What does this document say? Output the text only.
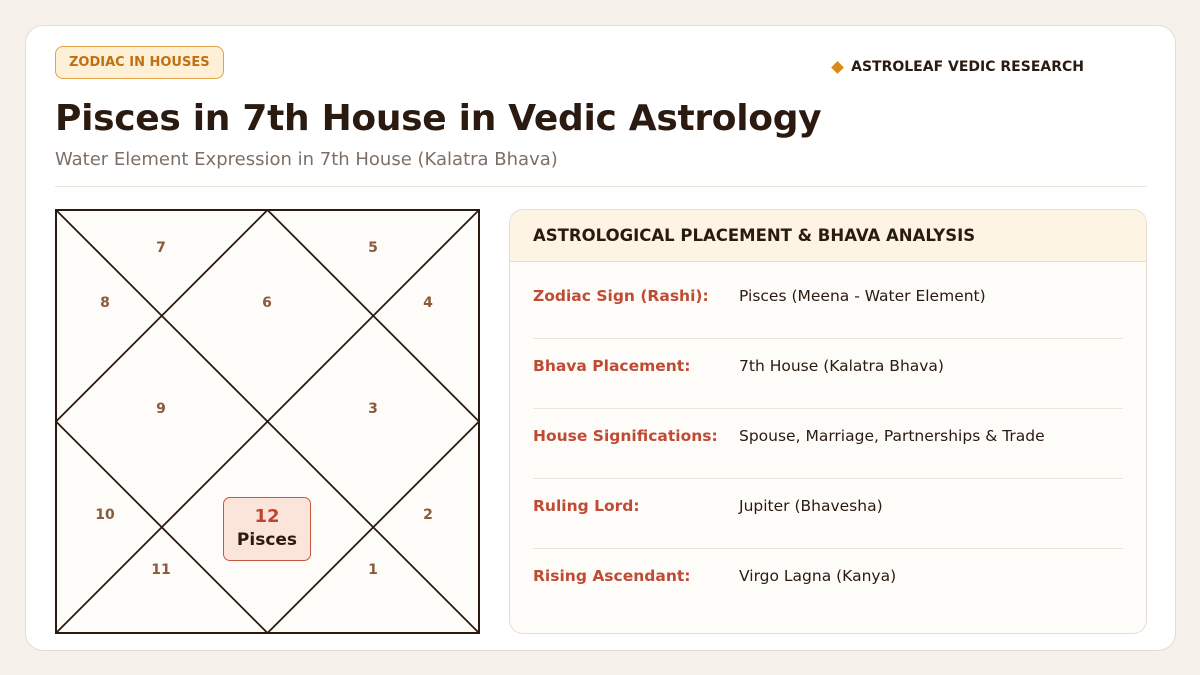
ZODIAC IN HOUSES	ASTROLEAF VEDIC RESEARCH
Pisces in 7th House in Vedic Astrology
Water Element Expression in 7th House (Kalatra Bhava)
7	5
8	6	4
9	3
10	2
11	1
12
Pisces
ASTROLOGICAL PLACEMENT & BHAVA ANALYSIS
Zodiac Sign (Rashi): Pisces (Meena - Water Element)
Bhava Placement:	7th House (Kalatra Bhava)
House Significations: Spouse, Marriage, Partnerships & Trade
Ruling Lord:	Jupiter (Bhavesha)
Rising Ascendant:	Virgo Lagna (Kanya)
